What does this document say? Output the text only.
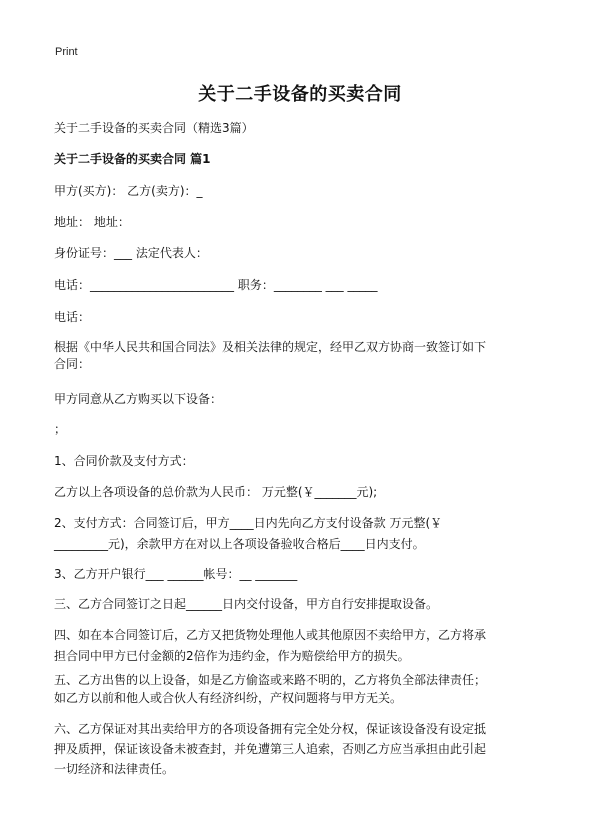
Print
关于二手设备的买卖合同
关于二手设备的买卖合同（精选3篇）
关于二手设备的买卖合同 篇1
甲方(买方)： 乙方(卖方)：_
地址： 地址：
身份证号：___ 法定代表人：
电话：________________________ 职务：________ ___ _____
电话：

根据《中华人民共和国合同法》及相关法律的规定，经甲乙双方协商一致签订如下

合同：

甲方同意从乙方购买以下设备：
；
1、合同价款及支付方式：
乙方以上各项设备的总价款为人民币： 万元整(￥_______元);

2、支付方式：合同签订后，甲方____日内先向乙方支付设备款 万元整(￥

_________元)，余款甲方在对以上各项设备验收合格后____日内支付。

3、乙方开户银行___ ______帐号：__ _______
三、乙方合同签订之日起______日内交付设备，甲方自行安排提取设备。

四、如在本合同签订后，乙方又把货物处理他人或其他原因不卖给甲方，乙方将承

担合同中甲方已付金额的2倍作为违约金，作为赔偿给甲方的损失。

五、乙方出售的以上设备，如是乙方偷盗或来路不明的，乙方将负全部法律责任；

如乙方以前和他人或合伙人有经济纠纷，产权问题将与甲方无关。

六、乙方保证对其出卖给甲方的各项设备拥有完全处分权，保证该设备没有设定抵

押及质押，保证该设备未被查封，并免遭第三人追索，否则乙方应当承担由此引起

一切经济和法律责任。
